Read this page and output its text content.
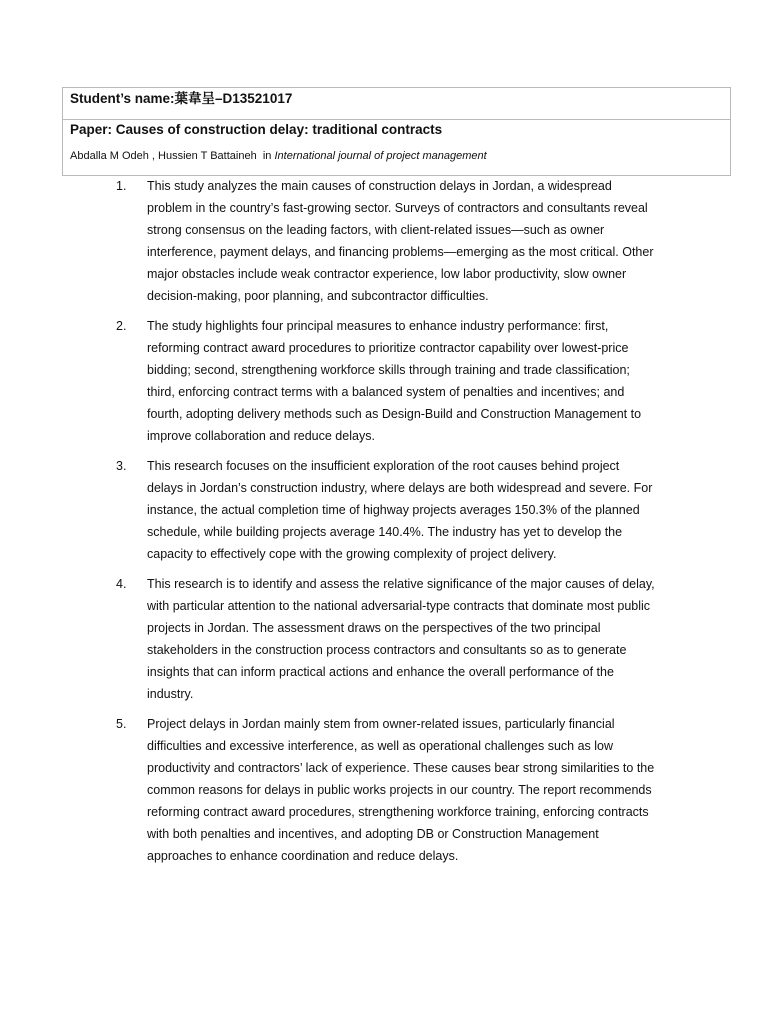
Student’s name:葉韋呈–D13521017
Paper: Causes of construction delay: traditional contracts
Abdalla M Odeh , Hussien T Battaineh in International journal of project management
1. This study analyzes the main causes of construction delays in Jordan, a widespread problem in the country’s fast-growing sector. Surveys of contractors and consultants reveal strong consensus on the leading factors, with client-related issues—such as owner interference, payment delays, and financing problems—emerging as the most critical. Other major obstacles include weak contractor experience, low labor productivity, slow owner decision-making, poor planning, and subcontractor difficulties.
2. The study highlights four principal measures to enhance industry performance: first, reforming contract award procedures to prioritize contractor capability over lowest-price bidding; second, strengthening workforce skills through training and trade classification; third, enforcing contract terms with a balanced system of penalties and incentives; and fourth, adopting delivery methods such as Design-Build and Construction Management to improve collaboration and reduce delays.
3. This research focuses on the insufficient exploration of the root causes behind project delays in Jordan’s construction industry, where delays are both widespread and severe. For instance, the actual completion time of highway projects averages 150.3% of the planned schedule, while building projects average 140.4%. The industry has yet to develop the capacity to effectively cope with the growing complexity of project delivery.
4. This research is to identify and assess the relative significance of the major causes of delay, with particular attention to the national adversarial-type contracts that dominate most public projects in Jordan. The assessment draws on the perspectives of the two principal stakeholders in the construction process contractors and consultants so as to generate insights that can inform practical actions and enhance the overall performance of the industry.
5. Project delays in Jordan mainly stem from owner-related issues, particularly financial difficulties and excessive interference, as well as operational challenges such as low productivity and contractors’ lack of experience. These causes bear strong similarities to the common reasons for delays in public works projects in our country. The report recommends reforming contract award procedures, strengthening workforce training, enforcing contracts with both penalties and incentives, and adopting DB or Construction Management approaches to enhance coordination and reduce delays.
